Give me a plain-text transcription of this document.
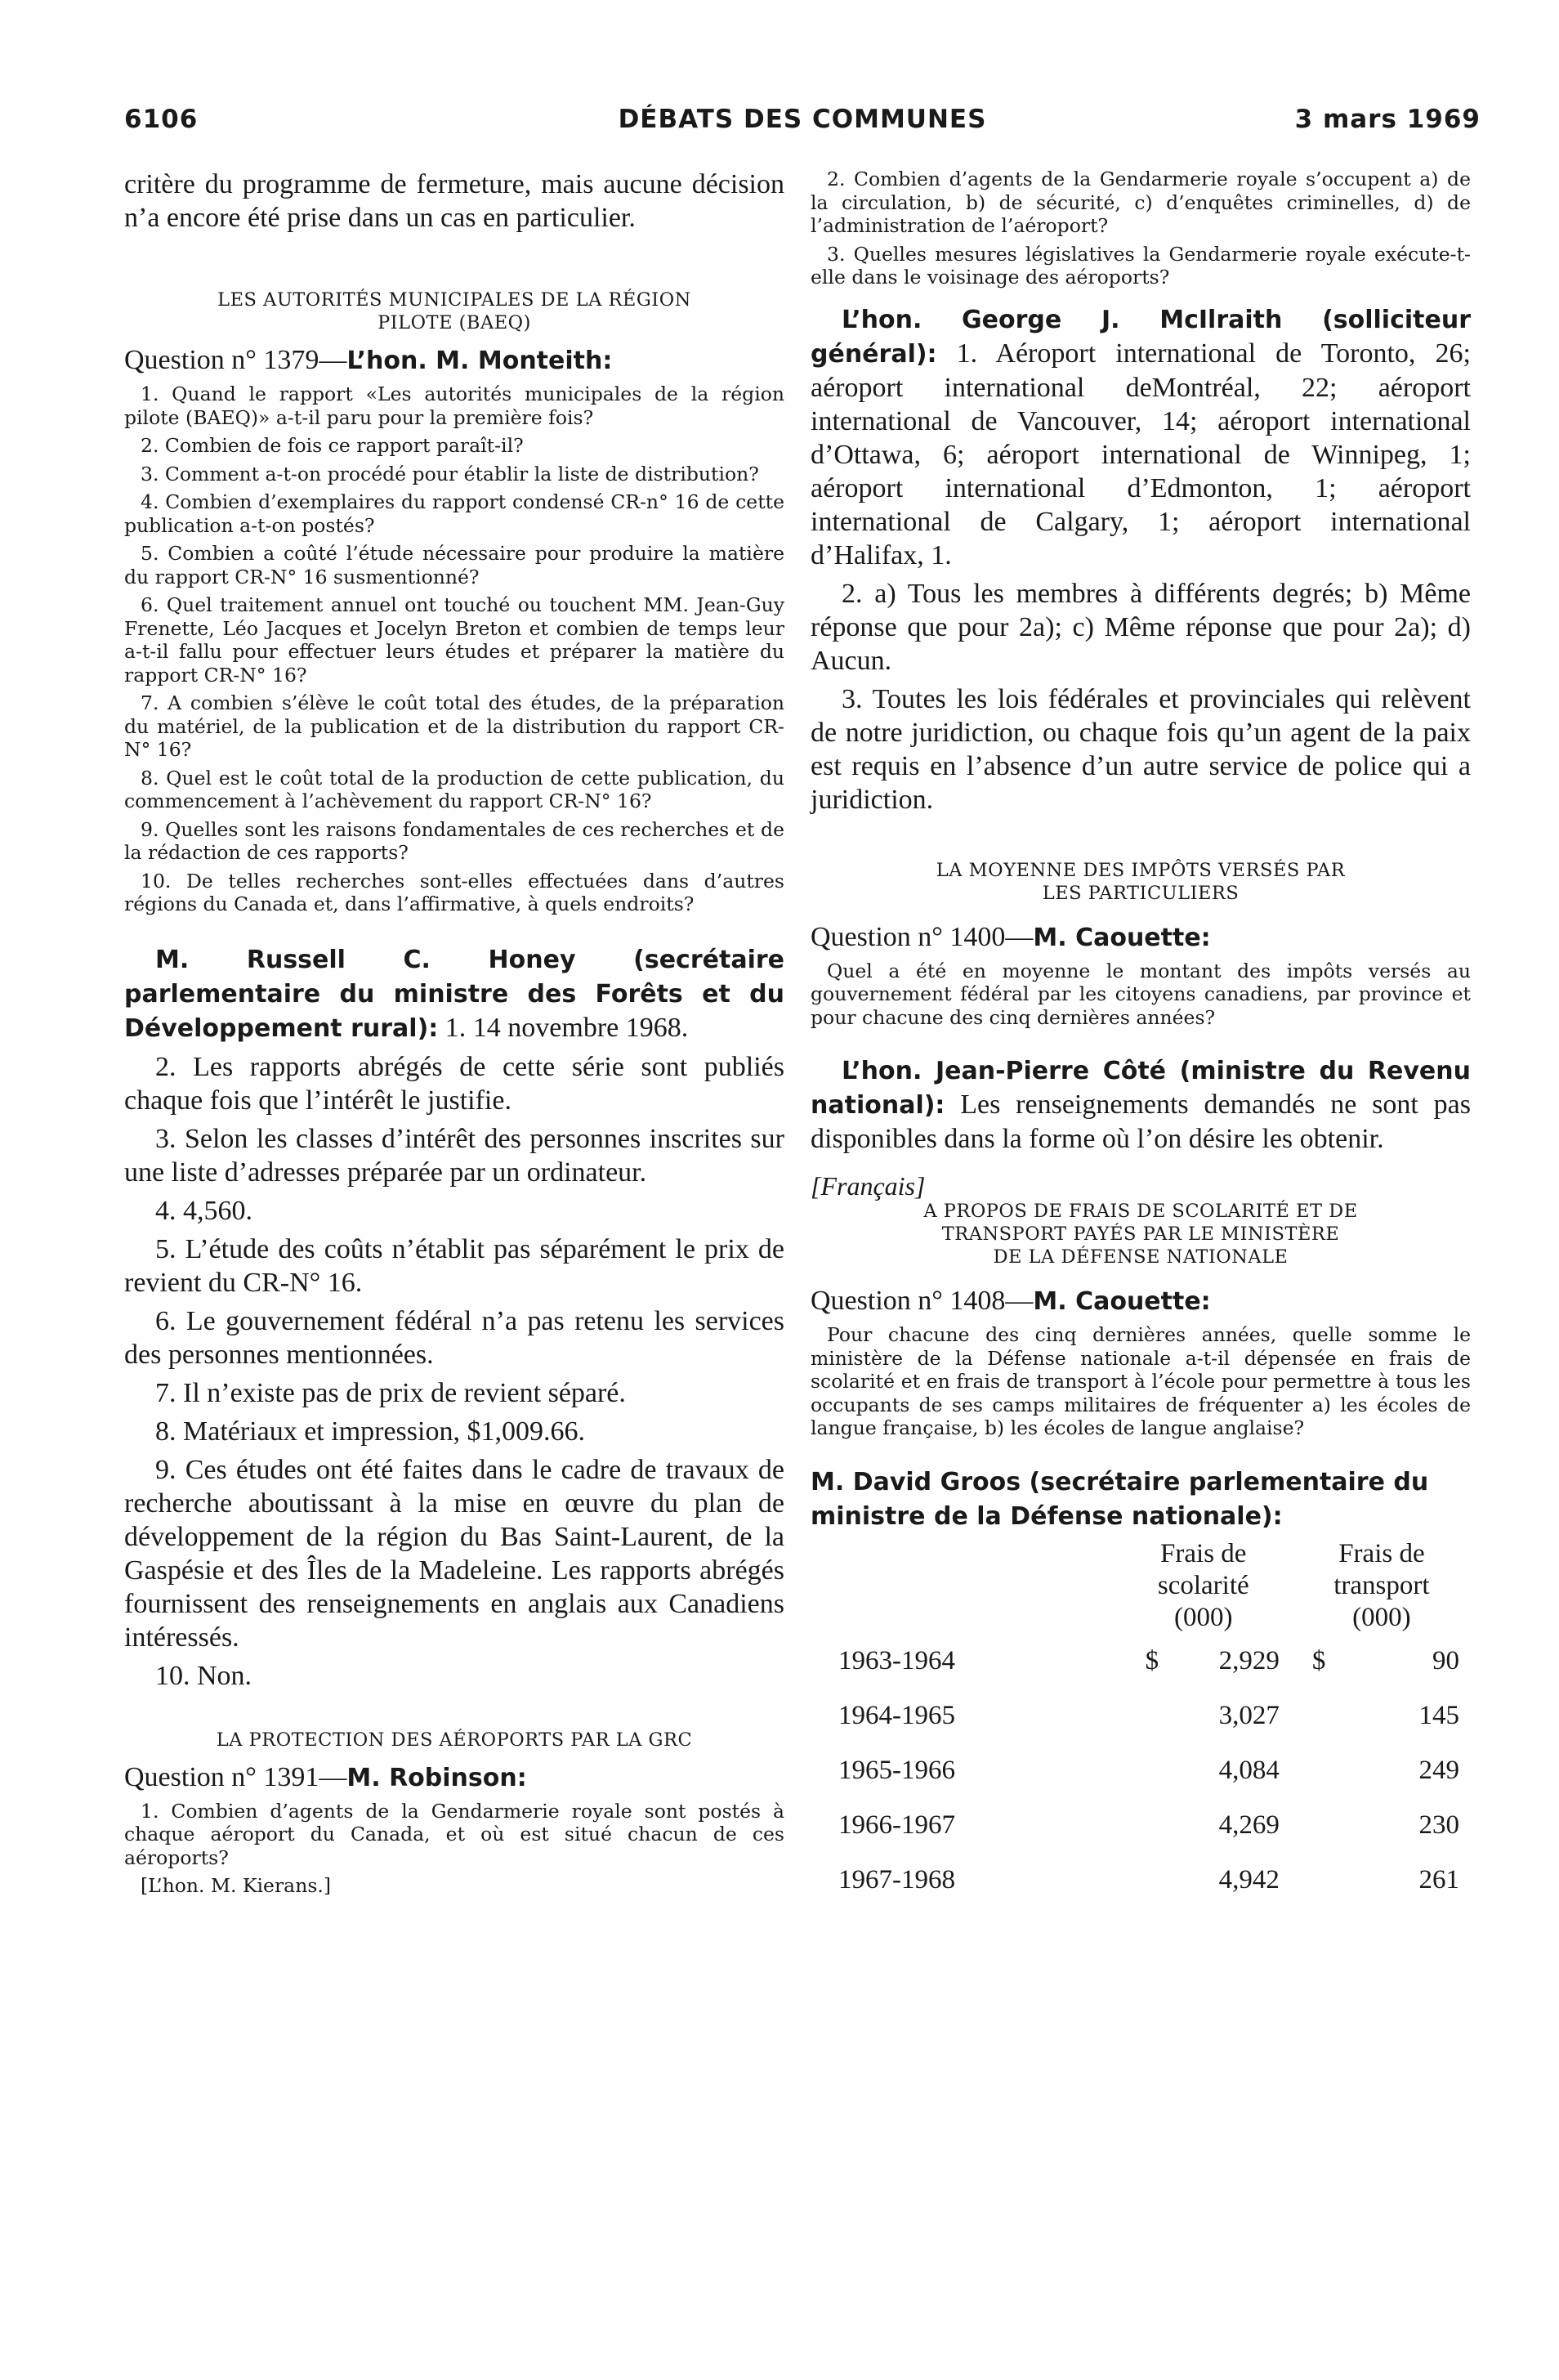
6106	DÉBATS DES COMMUNES	3 mars 1969

critère du programme de fermeture, mais aucune décision n’a encore été prise dans un cas en particulier.

LES AUTORITÉS MUNICIPALES DE LA RÉGION
PILOTE (BAEQ)

Question n° 1379—L’hon. M. Monteith:

1. Quand le rapport «Les autorités municipales de la région pilote (BAEQ)» a-t-il paru pour la première fois?

2. Combien de fois ce rapport paraît-il?

3. Comment a-t-on procédé pour établir la liste de distribution?

4. Combien d’exemplaires du rapport condensé CR-n° 16 de cette publication a-t-on postés?

5. Combien a coûté l’étude nécessaire pour produire la matière du rapport CR-N° 16 susmentionné?

6. Quel traitement annuel ont touché ou touchent MM. Jean-Guy Frenette, Léo Jacques et Jocelyn Breton et combien de temps leur a-t-il fallu pour effectuer leurs études et préparer la matière du rapport CR-N° 16?

7. A combien s’élève le coût total des études, de la préparation du matériel, de la publication et de la distribution du rapport CR-N° 16?

8. Quel est le coût total de la production de cette publication, du commencement à l’achèvement du rapport CR-N° 16?

9. Quelles sont les raisons fondamentales de ces recherches et de la rédaction de ces rapports?

10. De telles recherches sont-elles effectuées dans d’autres régions du Canada et, dans l’affirmative, à quels endroits?

M. Russell C. Honey (secrétaire parlementaire du ministre des Forêts et du Développement rural): 1. 14 novembre 1968.

2. Les rapports abrégés de cette série sont publiés chaque fois que l’intérêt le justifie.

3. Selon les classes d’intérêt des personnes inscrites sur une liste d’adresses préparée par un ordinateur.

4. 4,560.

5. L’étude des coûts n’établit pas séparément le prix de revient du CR-N° 16.

6. Le gouvernement fédéral n’a pas retenu les services des personnes mentionnées.

7. Il n’existe pas de prix de revient séparé.

8. Matériaux et impression, $1,009.66.

9. Ces études ont été faites dans le cadre de travaux de recherche aboutissant à la mise en œuvre du plan de développement de la région du Bas Saint-Laurent, de la Gaspésie et des Îles de la Madeleine. Les rapports abrégés fournissent des renseignements en anglais aux Canadiens intéressés.

10. Non.

LA PROTECTION DES AÉROPORTS PAR LA GRC

Question n° 1391—M. Robinson:

1. Combien d’agents de la Gendarmerie royale sont postés à chaque aéroport du Canada, et où est situé chacun de ces aéroports?

[L’hon. M. Kierans.]

2. Combien d’agents de la Gendarmerie royale s’occupent a) de la circulation, b) de sécurité, c) d’enquêtes criminelles, d) de l’administration de l’aéroport?

3. Quelles mesures législatives la Gendarmerie royale exécute-t-elle dans le voisinage des aéroports?

L’hon. George J. McIlraith (solliciteur général): 1. Aéroport international de Toronto, 26; aéroport international deMontréal, 22; aéroport international de Vancouver, 14; aéroport international d’Ottawa, 6; aéroport international de Winnipeg, 1; aéroport international d’Edmonton, 1; aéroport international de Calgary, 1; aéroport international d’Halifax, 1.

2. a) Tous les membres à différents degrés; b) Même réponse que pour 2a); c) Même réponse que pour 2a); d) Aucun.

3. Toutes les lois fédérales et provinciales qui relèvent de notre juridiction, ou chaque fois qu’un agent de la paix est requis en l’absence d’un autre service de police qui a juridiction.

LA MOYENNE DES IMPÔTS VERSÉS PAR
LES PARTICULIERS

Question n° 1400—M. Caouette:

Quel a été en moyenne le montant des impôts versés au gouvernement fédéral par les citoyens canadiens, par province et pour chacune des cinq dernières années?

L’hon. Jean-Pierre Côté (ministre du Revenu national): Les renseignements demandés ne sont pas disponibles dans la forme où l’on désire les obtenir.

[Français]

A PROPOS DE FRAIS DE SCOLARITÉ ET DE
TRANSPORT PAYÉS PAR LE MINISTÈRE
DE LA DÉFENSE NATIONALE

Question n° 1408—M. Caouette:

Pour chacune des cinq dernières années, quelle somme le ministère de la Défense nationale a-t-il dépensée en frais de scolarité et en frais de transport à l’école pour permettre à tous les occupants de ses camps militaires de fréquenter a) les écoles de langue française, b) les écoles de langue anglaise?

M. David Groos (secrétaire parlementaire du ministre de la Défense nationale):

	Frais de
scolarité
(000)	Frais de
transport
(000)
1963-1964	$ 2,929	$ 90
1964-1965	3,027	145
1965-1966	4,084	249
1966-1967	4,269	230
1967-1968	4,942	261
